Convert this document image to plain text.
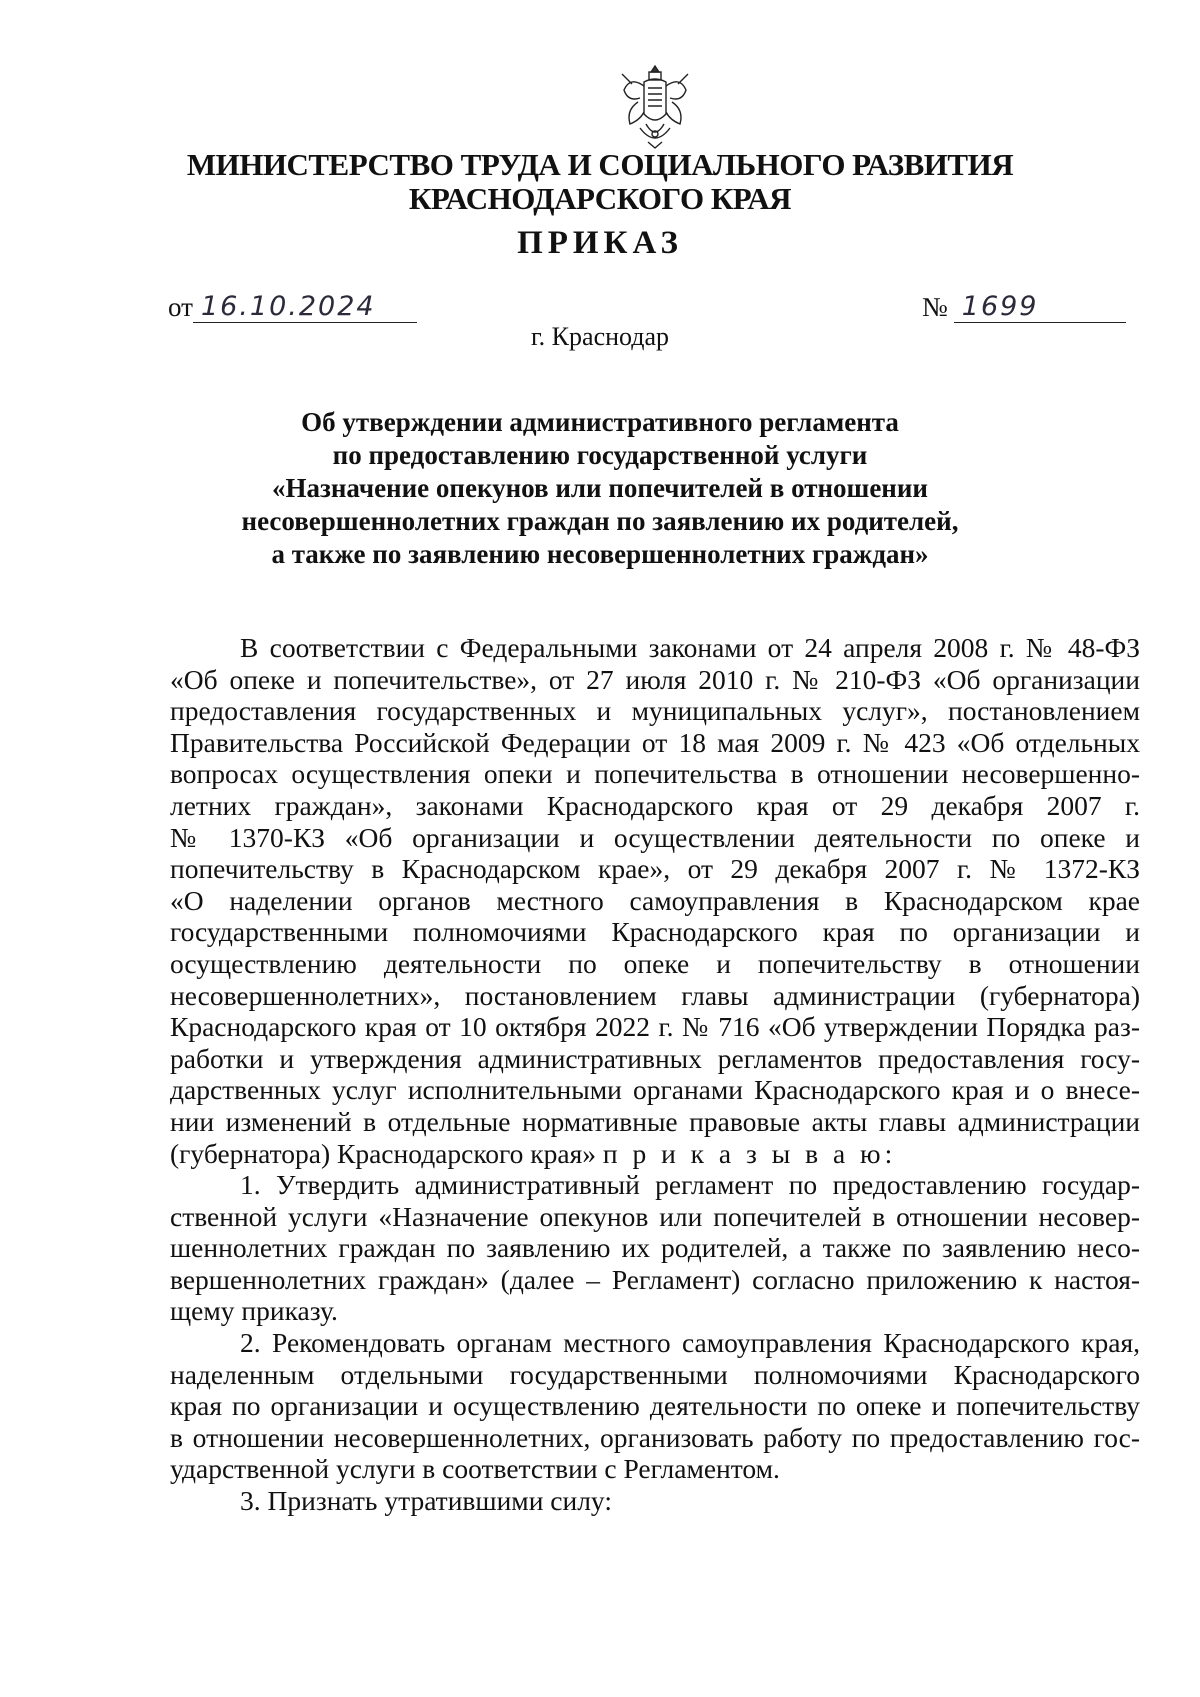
МИНИСТЕРСТВО ТРУДА И СОЦИАЛЬНОГО РАЗВИТИЯ
КРАСНОДАРСКОГО КРАЯ
ПРИКАЗ
от 16.10.2024	№ 1699
г. Краснодар
Об утверждении административного регламента
по предоставлению государственной услуги
«Назначение опекунов или попечителей в отношении
несовершеннолетних граждан по заявлению их родителей,
а также по заявлению несовершеннолетних граждан»
В соответствии с Федеральными законами от 24 апреля 2008 г. № 48-ФЗ
«Об опеке и попечительстве», от 27 июля 2010 г. № 210-ФЗ «Об организации
предоставления государственных и муниципальных услуг», постановлением
Правительства Российской Федерации от 18 мая 2009 г. № 423 «Об отдельных
вопросах осуществления опеки и попечительства в отношении несовершенно-
летних граждан», законами Краснодарского края от 29 декабря 2007 г.
№ 1370-КЗ «Об организации и осуществлении деятельности по опеке и
попечительству в Краснодарском крае», от 29 декабря 2007 г. № 1372-КЗ
«О наделении органов местного самоуправления в Краснодарском крае
государственными полномочиями Краснодарского края по организации и
осуществлению деятельности по опеке и попечительству в отношении
несовершеннолетних», постановлением главы администрации (губернатора)
Краснодарского края от 10 октября 2022 г. № 716 «Об утверждении Порядка раз-
работки и утверждения административных регламентов предоставления госу-
дарственных услуг исполнительными органами Краснодарского края и о внесе-
нии изменений в отдельные нормативные правовые акты главы администрации
(губернатора) Краснодарского края» п р и к а з ы в а ю:
1. Утвердить административный регламент по предоставлению государ-
ственной услуги «Назначение опекунов или попечителей в отношении несовер-
шеннолетних граждан по заявлению их родителей, а также по заявлению несо-
вершеннолетних граждан» (далее – Регламент) согласно приложению к настоя-
щему приказу.
2. Рекомендовать органам местного самоуправления Краснодарского края,
наделенным отдельными государственными полномочиями Краснодарского
края по организации и осуществлению деятельности по опеке и попечительству
в отношении несовершеннолетних, организовать работу по предоставлению гос-
ударственной услуги в соответствии с Регламентом.
3. Признать утратившими силу:
